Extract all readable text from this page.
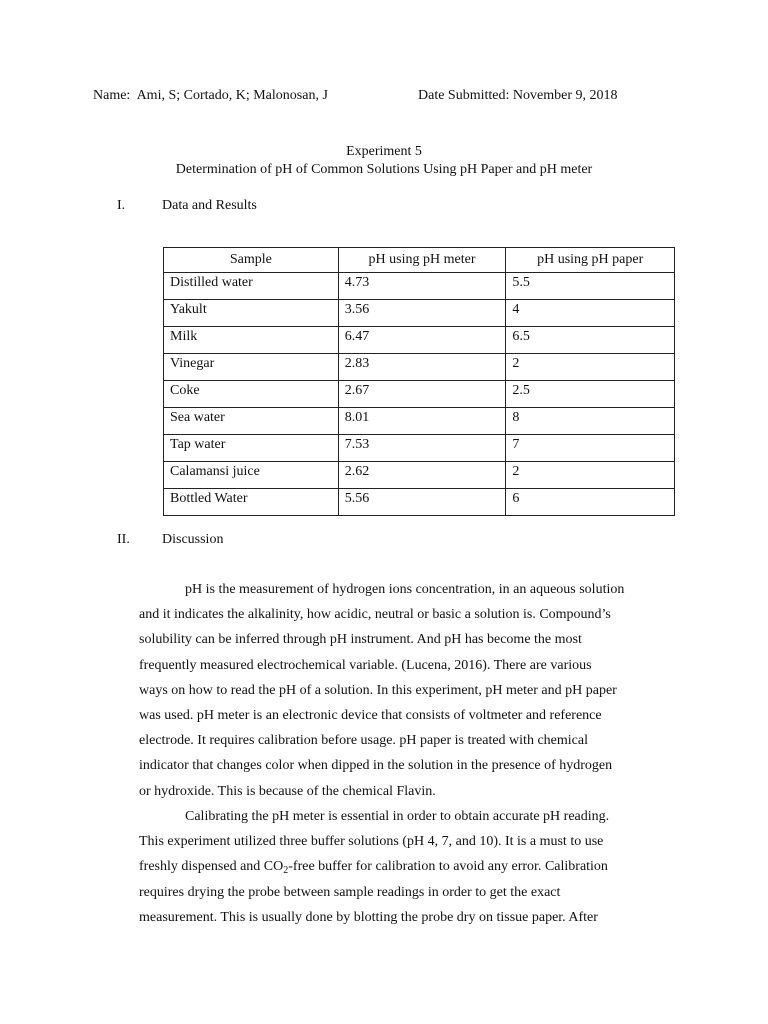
Name: Ami, S; Cortado, K; Malonosan, J	Date Submitted: November 9, 2018
Experiment 5
Determination of pH of Common Solutions Using pH Paper and pH meter
I.	Data and Results
Sample	pH using pH meter	pH using pH paper
Distilled water	4.73	5.5
Yakult	3.56	4
Milk	6.47	6.5
Vinegar	2.83	2
Coke	2.67	2.5
Sea water	8.01	8
Tap water	7.53	7
Calamansi juice	2.62	2
Bottled Water	5.56	6
II. Discussion
pH is the measurement of hydrogen ions concentration, in an aqueous solution
and it indicates the alkalinity, how acidic, neutral or basic a solution is. Compound’s
solubility can be inferred through pH instrument. And pH has become the most
frequently measured electrochemical variable. (Lucena, 2016). There are various
ways on how to read the pH of a solution. In this experiment, pH meter and pH paper
was used. pH meter is an electronic device that consists of voltmeter and reference
electrode. It requires calibration before usage. pH paper is treated with chemical
indicator that changes color when dipped in the solution in the presence of hydrogen
or hydroxide. This is because of the chemical Flavin.
Calibrating the pH meter is essential in order to obtain accurate pH reading.
This experiment utilized three buffer solutions (pH 4, 7, and 10). It is a must to use
freshly dispensed and $CO_2$-free buffer for calibration to avoid any error. Calibration
requires drying the probe between sample readings in order to get the exact
measurement. This is usually done by blotting the probe dry on tissue paper. After
